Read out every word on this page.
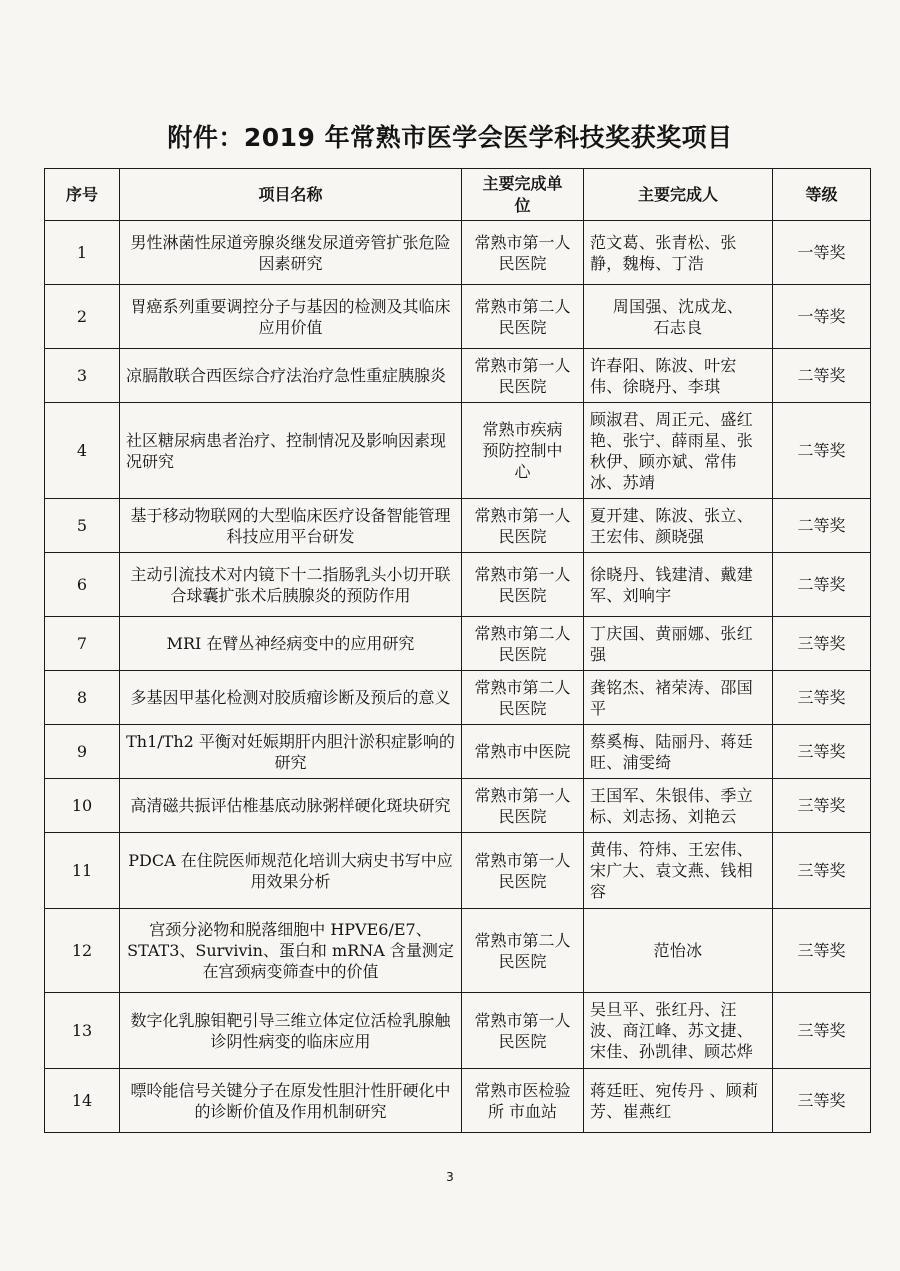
附件：2019 年常熟市医学会医学科技奖获奖项目
序号	项目名称	主要完成单位	主要完成人	等级
1	男性淋菌性尿道旁腺炎继发尿道旁管扩张危险因素研究	常熟市第一人民医院	范文葛、张青松、张静，魏梅、丁浩	一等奖
2	胃癌系列重要调控分子与基因的检测及其临床应用价值	常熟市第二人民医院	周国强、沈成龙、石志良	一等奖
3	凉膈散联合西医综合疗法治疗急性重症胰腺炎	常熟市第一人民医院	许春阳、陈波、叶宏伟、徐晓丹、李琪	二等奖
4	社区糖尿病患者治疗、控制情况及影响因素现况研究	常熟市疾病预防控制中心	顾淑君、周正元、盛红艳、张宁、薛雨星、张秋伊、顾亦斌、常伟冰、苏靖	二等奖
5	基于移动物联网的大型临床医疗设备智能管理科技应用平台研发	常熟市第一人民医院	夏开建、陈波、张立、王宏伟、颜晓强	二等奖
6	主动引流技术对内镜下十二指肠乳头小切开联合球囊扩张术后胰腺炎的预防作用	常熟市第一人民医院	徐晓丹、钱建清、戴建军、刘响宇	二等奖
7	MRI 在臂丛神经病变中的应用研究	常熟市第二人民医院	丁庆国、黄丽娜、张红强	三等奖
8	多基因甲基化检测对胶质瘤诊断及预后的意义	常熟市第二人民医院	龚铭杰、褚荣涛、邵国平	三等奖
9	Th1/Th2 平衡对妊娠期肝内胆汁淤积症影响的研究	常熟市中医院	蔡奚梅、陆丽丹、蒋廷旺、浦雯绮	三等奖
10	高清磁共振评估椎基底动脉粥样硬化斑块研究	常熟市第一人民医院	王国军、朱银伟、季立标、刘志扬、刘艳云	三等奖
11	PDCA 在住院医师规范化培训大病史书写中应用效果分析	常熟市第一人民医院	黄伟、符炜、王宏伟、宋广大、袁文燕、钱相容	三等奖
12	宫颈分泌物和脱落细胞中 HPVE6/E7、STAT3、Survivin、蛋白和 mRNA 含量测定在宫颈病变筛查中的价值	常熟市第二人民医院	范怡冰	三等奖
13	数字化乳腺钼靶引导三维立体定位活检乳腺触诊阴性病变的临床应用	常熟市第一人民医院	吴旦平、张红丹、汪波、商江峰、苏文捷、宋佳、孙凯律、顾芯烨	三等奖
14	嘌呤能信号关键分子在原发性胆汁性肝硬化中的诊断价值及作用机制研究	常熟市医检验所 市血站	蒋廷旺、宛传丹 、顾莉芳、崔燕红	三等奖
3
